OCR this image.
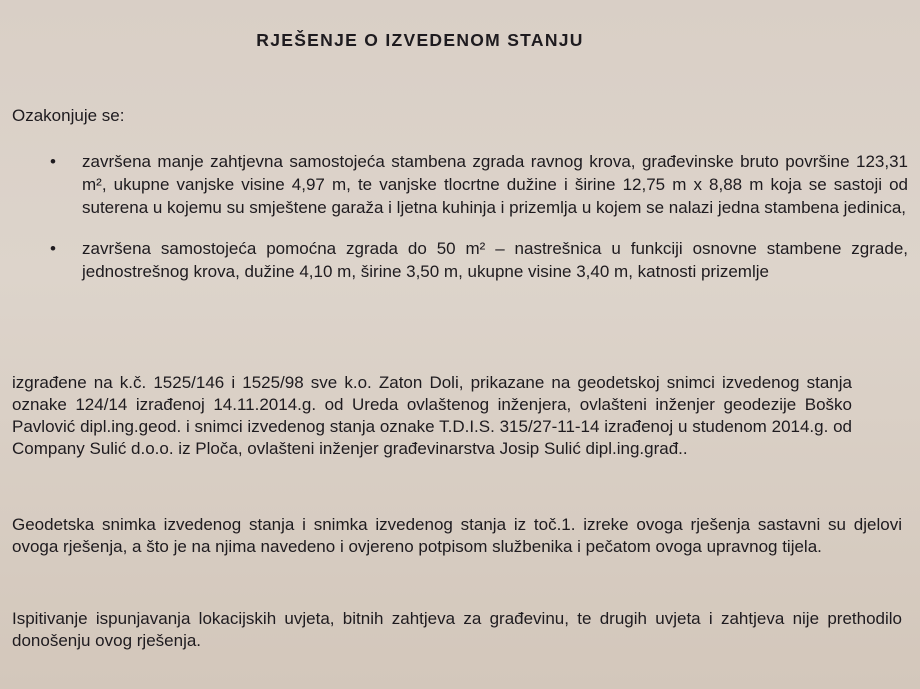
RJEŠENJE O IZVEDENOM STANJU
Ozakonjuje se:
• završena manje zahtjevna samostojeća stambena zgrada ravnog krova, građevinske bruto površine 123,31 m², ukupne vanjske visine 4,97 m, te vanjske tlocrtne dužine i širine 12,75 m x 8,88 m koja se sastoji od suterena u kojemu su smještene garaža i ljetna kuhinja i prizemlja u kojem se nalazi jedna stambena jedinica,
• završena samostojeća pomoćna zgrada do 50 m² – nastrešnica u funkciji osnovne stambene zgrade, jednostrešnog krova, dužine 4,10 m, širine 3,50 m, ukupne visine 3,40 m, katnosti prizemlje
izgrađene na k.č. 1525/146 i 1525/98 sve k.o. Zaton Doli, prikazane na geodetskoj snimci izvedenog stanja oznake 124/14 izrađenoj 14.11.2014.g. od Ureda ovlaštenog inženjera, ovlašteni inženjer geodezije Boško Pavlović dipl.ing.geod. i snimci izvedenog stanja oznake T.D.I.S. 315/27-11-14 izrađenoj u studenom 2014.g. od Company Sulić d.o.o. iz Ploča, ovlašteni inženjer građevinarstva Josip Sulić dipl.ing.građ..
Geodetska snimka izvedenog stanja i snimka izvedenog stanja iz toč.1. izreke ovoga rješenja sastavni su djelovi ovoga rješenja, a što je na njima navedeno i ovjereno potpisom službenika i pečatom ovoga upravnog tijela.
Ispitivanje ispunjavanja lokacijskih uvjeta, bitnih zahtjeva za građevinu, te drugih uvjeta i zahtjeva nije prethodilo donošenju ovog rješenja.
